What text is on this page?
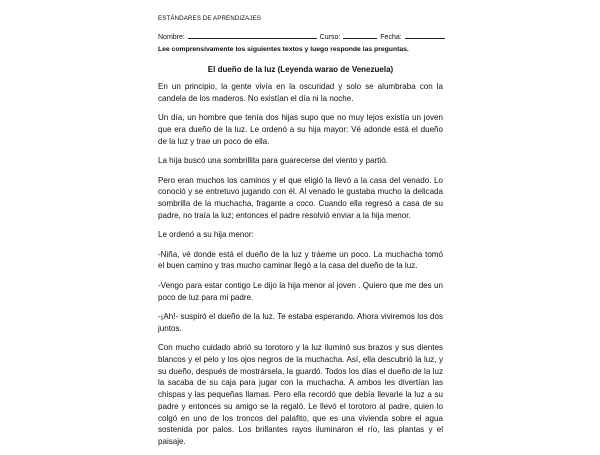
ESTÁNDARES DE APRENDIZAJES
Nombre:	Curso:	Fecha:
Lee comprensivamente los siguientes textos y luego responde las preguntas.
El dueño de la luz (Leyenda warao de Venezuela)

En un principio, la gente vivía en la oscuridad y solo se alumbraba con la candela de los maderos. No existían el día ni la noche.

Un día, un hombre que tenía dos hijas supo que no muy lejos existía un joven que era dueño de la luz. Le ordenó a su hija mayor: Vé adonde está el dueño de la luz y trae un poco de ella.

La hija buscó una sombrillita para guarecerse del viento y partió.

Pero eran muchos los caminos y el que eligió la llevó a la casa del venado. Lo conoció y se entretuvo jugando con él. Al venado le gustaba mucho la delicada sombrilla de la muchacha, fragante a coco. Cuando ella regresó a casa de su padre, no traía la luz; entonces el padre resolvió enviar a la hija menor.

Le ordenó a su hija menor:

-Niña, vé donde está el dueño de la luz y tráeme un poco. La muchacha tomó el buen camino y tras mucho caminar llegó a la casa del dueño de la luz.

-Vengo para estar contigo Le dijo la hija menor al joven . Quiero que me des un poco de luz para mi padre.

-¡Ah!- suspiró el dueño de la luz. Te estaba esperando. Ahora viviremos los dos juntos.

Con mucho cuidado abrió su torotoro y la luz iluminó sus brazos y sus dientes blancos y el pelo y los ojos negros de la muchacha. Así, ella descubrió la luz, y su dueño, después de mostrársela, la guardó. Todos los días el dueño de la luz la sacaba de su caja para jugar con la muchacha. A ambos les divertían las chispas y las pequeñas llamas. Pero ella recordó que debía llevarle la luz a su padre y entonces su amigo se la regaló. Le llevó el torotoro al padre, quien lo colgó en uno de los troncos del palafito, que es una vivienda sobre el agua sostenida por palos. Los brillantes rayos iluminaron el río, las plantas y el paisaje.
